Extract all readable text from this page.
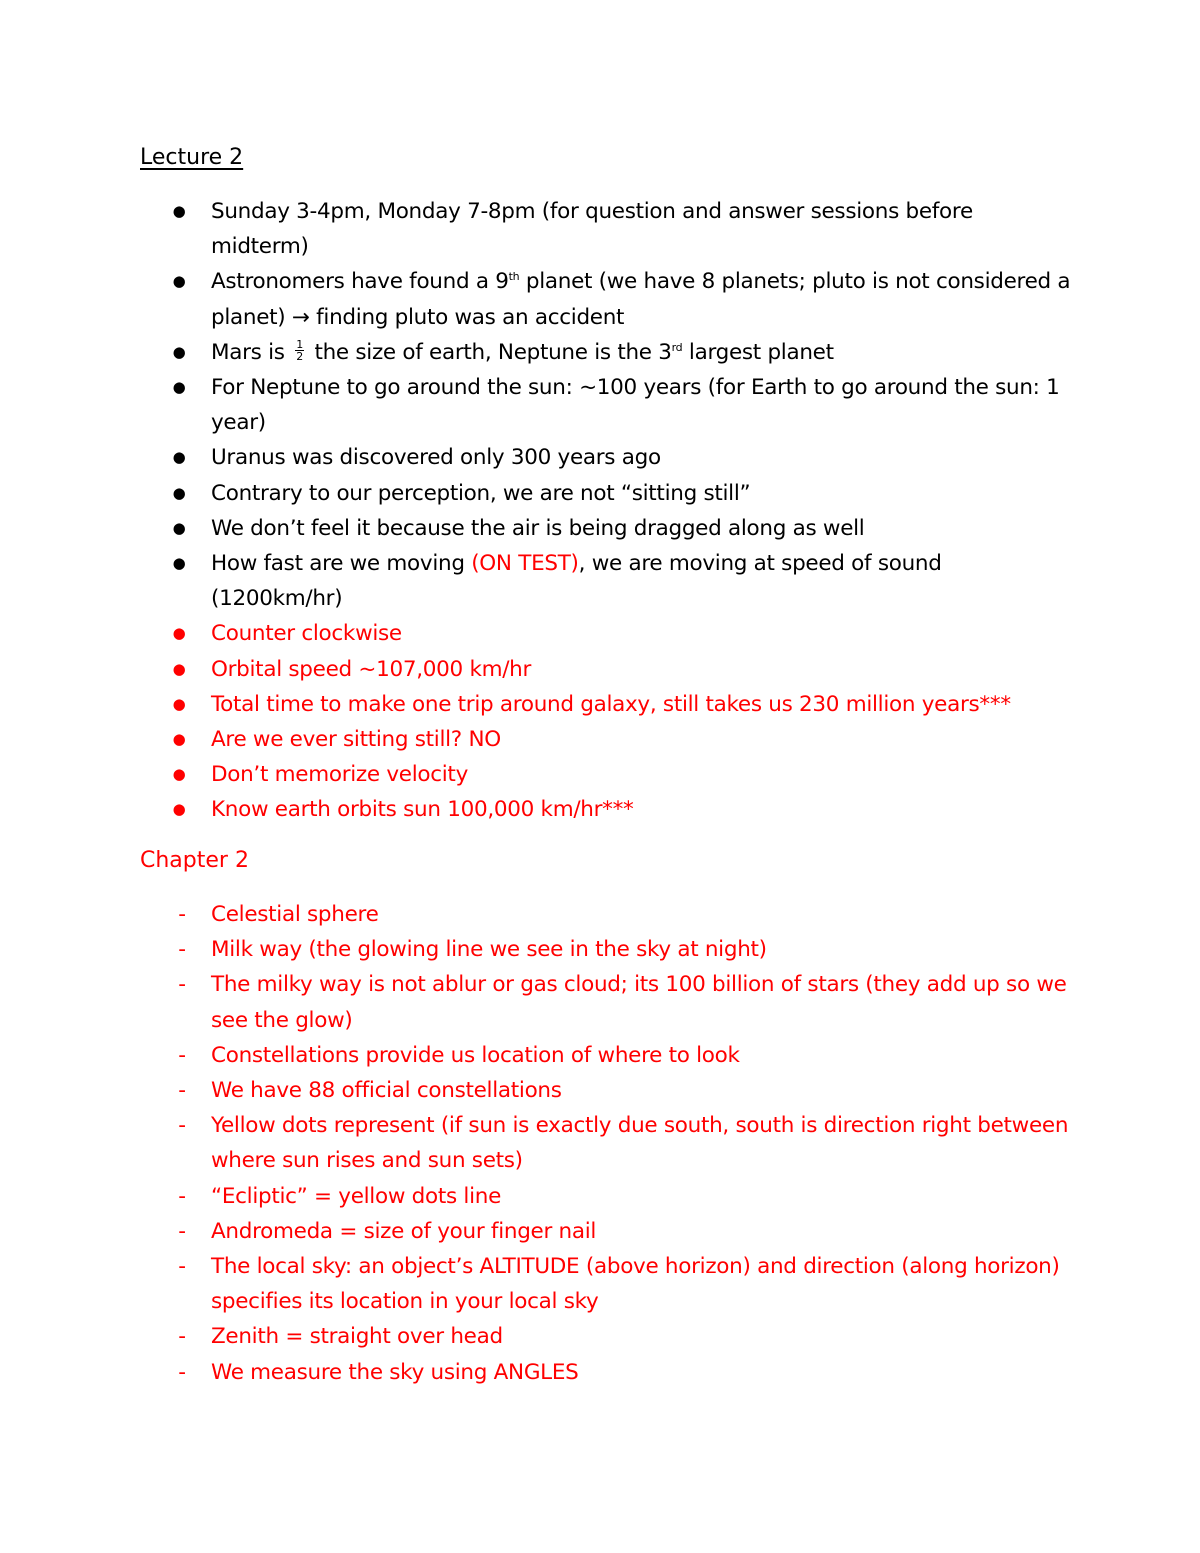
Lecture 2
● Sunday 3-4pm, Monday 7-8pm (for question and answer sessions before midterm)
● Astronomers have found a 9th planet (we have 8 planets; pluto is not considered a planet) → finding pluto was an accident
● Mars is $\frac{1}{2}$ the size of earth, Neptune is the 3rd largest planet
● For Neptune to go around the sun: ~100 years (for Earth to go around the sun: 1 year)
● Uranus was discovered only 300 years ago
● Contrary to our perception, we are not “sitting still”
● We don’t feel it because the air is being dragged along as well
● How fast are we moving (ON TEST), we are moving at speed of sound (1200km/hr)
● Counter clockwise
● Orbital speed ~107,000 km/hr
● Total time to make one trip around galaxy, still takes us 230 million years***
● Are we ever sitting still? NO
● Don’t memorize velocity
● Know earth orbits sun 100,000 km/hr***
Chapter 2
- Celestial sphere
- Milk way (the glowing line we see in the sky at night)
- The milky way is not ablur or gas cloud; its 100 billion of stars (they add up so we see the glow)
- Constellations provide us location of where to look
- We have 88 official constellations
- Yellow dots represent (if sun is exactly due south, south is direction right between where sun rises and sun sets)
- “Ecliptic” = yellow dots line
- Andromeda = size of your finger nail
- The local sky: an object’s ALTITUDE (above horizon) and direction (along horizon) specifies its location in your local sky
- Zenith = straight over head
- We measure the sky using ANGLES
